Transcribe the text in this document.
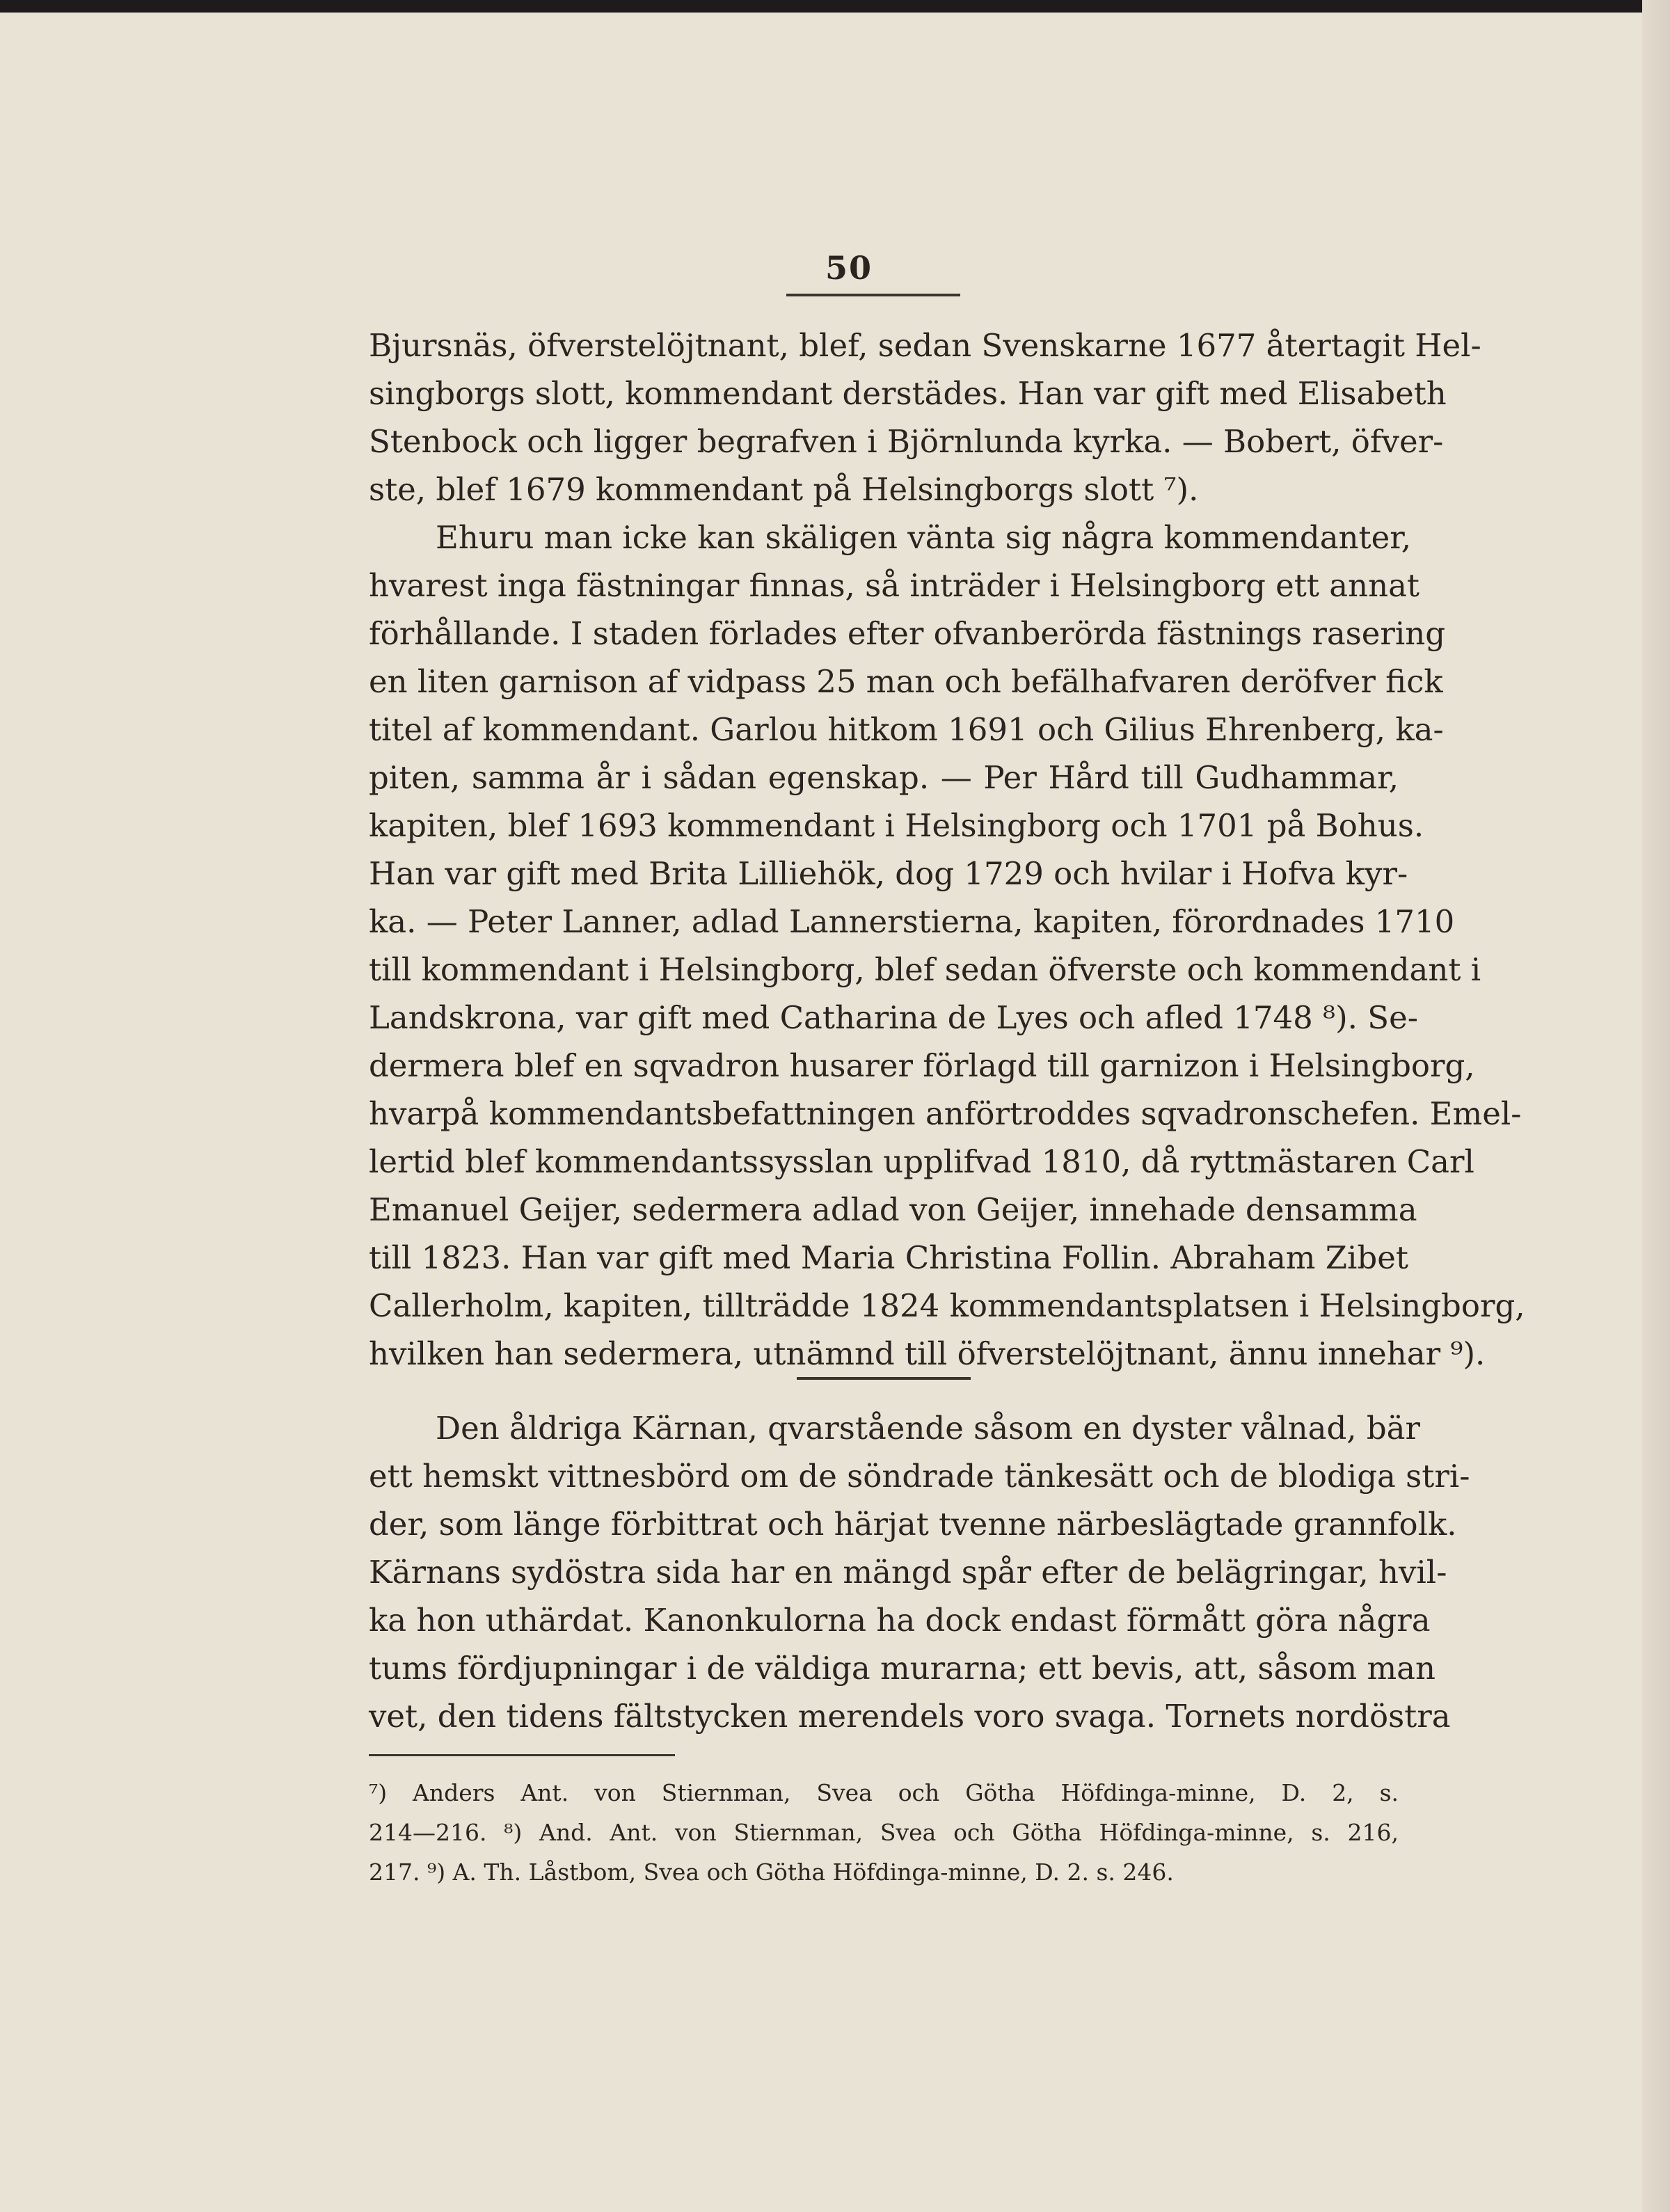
50
Bjursnäs, öfverstelöjtnant, blef, sedan Svenskarne 1677 återtagit Hel-
singborgs slott, kommendant derstädes. Han var gift med Elisabeth
Stenbock och ligger begrafven i Björnlunda kyrka. — Bobert, öfver-
ste, blef 1679 kommendant på Helsingborgs slott ⁷).
Ehuru man icke kan skäligen vänta sig några kommendanter,
hvarest inga fästningar finnas, så inträder i Helsingborg ett annat
förhållande. I staden förlades efter ofvanberörda fästnings rasering
en liten garnison af vidpass 25 man och befälhafvaren deröfver fick
titel af kommendant. Garlou hitkom 1691 och Gilius Ehrenberg, ka-
piten, samma år i sådan egenskap. — Per Hård till Gudhammar,
kapiten, blef 1693 kommendant i Helsingborg och 1701 på Bohus.
Han var gift med Brita Lilliehök, dog 1729 och hvilar i Hofva kyr-
ka. — Peter Lanner, adlad Lannerstierna, kapiten, förordnades 1710
till kommendant i Helsingborg, blef sedan öfverste och kommendant i
Landskrona, var gift med Catharina de Lyes och afled 1748 ⁸). Se-
dermera blef en sqvadron husarer förlagd till garnizon i Helsingborg,
hvarpå kommendantsbefattningen anförtroddes sqvadronschefen. Emel-
lertid blef kommendantssysslan upplifvad 1810, då ryttmästaren Carl
Emanuel Geijer, sedermera adlad von Geijer, innehade densamma
till 1823. Han var gift med Maria Christina Follin. Abraham Zibet
Callerholm, kapiten, tillträdde 1824 kommendantsplatsen i Helsingborg,
hvilken han sedermera, utnämnd till öfverstelöjtnant, ännu innehar ⁹).
Den åldriga Kärnan, qvarstående såsom en dyster vålnad, bär
ett hemskt vittnesbörd om de söndrade tänkesätt och de blodiga stri-
der, som länge förbittrat och härjat tvenne närbeslägtade grannfolk.
Kärnans sydöstra sida har en mängd spår efter de belägringar, hvil-
ka hon uthärdat. Kanonkulorna ha dock endast förmått göra några
tums fördjupningar i de väldiga murarna; ett bevis, att, såsom man
vet, den tidens fältstycken merendels voro svaga. Tornets nordöstra
⁷) Anders Ant. von Stiernman, Svea och Götha Höfdinga-minne, D. 2, s.
214—216. ⁸) And. Ant. von Stiernman, Svea och Götha Höfdinga-minne, s. 216,
217. ⁹) A. Th. Låstbom, Svea och Götha Höfdinga-minne, D. 2. s. 246.
